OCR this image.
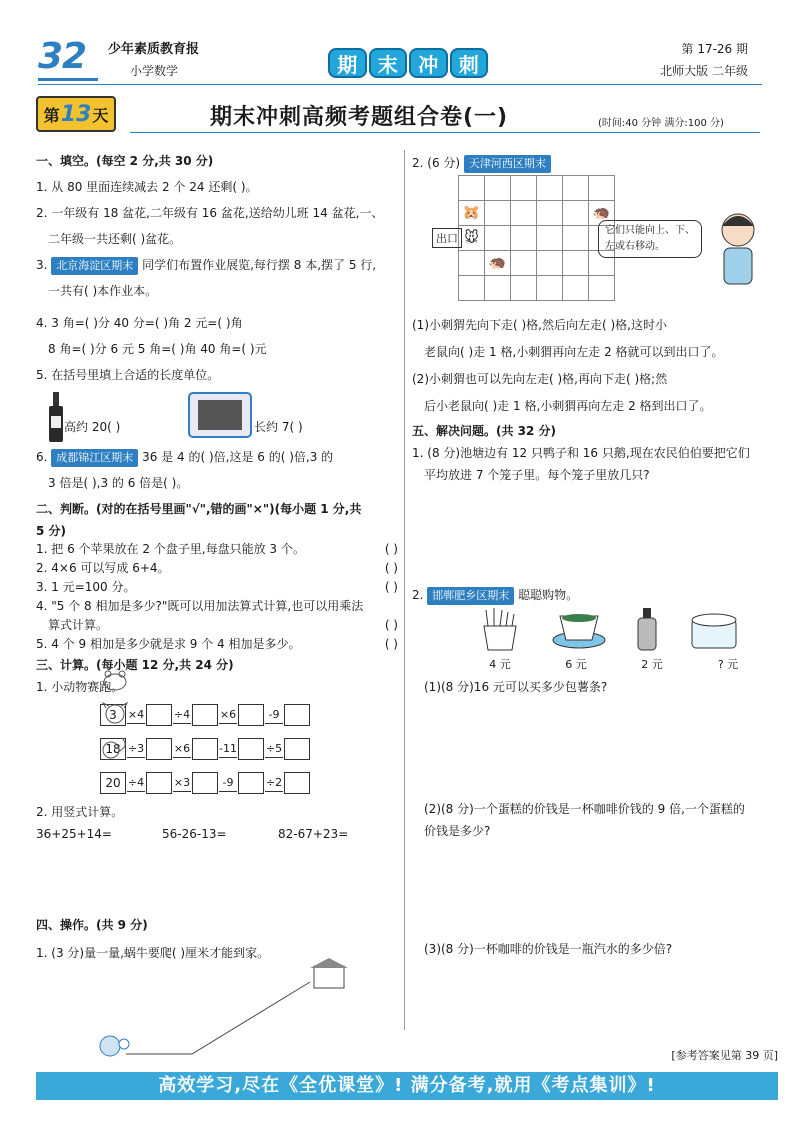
32 少年素质教育报
小学数学	期	末	冲	刺
第 17-26 期
北师大版 二年级
第 13 天	期末冲刺高频考题组合卷(一)	(时间:40 分钟 满分:100 分)
一、填空。(每空 2 分,共 30 分)
1. 从 80 里面连续减去 2 个 24 还剩( )。
2. 一年级有 18 盆花,二年级有 16 盆花,送给幼儿班 14 盆花,一、
二年级一共还剩( )盆花。
3. 北京海淀区期末 同学们布置作业展览,每行摆 8 本,摆了 5 行,
一共有( )本作业本。
4. 3 角=( )分 40 分=( )角 2 元=( )角
8 角=( )分 6 元 5 角=( )角 40 角=( )元
5. 在括号里填上合适的长度单位。
高约 20( )	长约 7( )
6. 成都锦江区期末 36 是 4 的( )倍,这是 6 的( )倍,3 的
3 倍是( ),3 的 6 倍是( )。
二、判断。(对的在括号里画"√",错的画"×")(每小题 1 分,共
5 分)
1. 把 6 个苹果放在 2 个盘子里,每盘只能放 3 个。	( )
2. 4×6 可以写成 6+4。	( )
3. 1 元=100 分。	( )
4. "5 个 8 相加是多少?"既可以用加法算式计算,也可以用乘法
算式计算。	( )
5. 4 个 9 相加是多少就是求 9 个 4 相加是多少。	( )
三、计算。(每小题 12 分,共 24 分)
1. 小动物赛跑。
3	×4	÷4	×6	-9
18 ÷3	×6	-11	÷5
20 ÷4	×3	-9	÷2
2. 用竖式计算。
36+25+14=	56-26-13=	82-67+23=
四、操作。(共 9 分)
1. (3 分)量一量,蜗牛要爬( )厘米才能到家。
2. (6 分) 天津河西区期末

🐹					🦔
🐭					
	🦔				

出口
它们只能向上、下、左或右移动。
(1)小刺猬先向下走( )格,然后向左走( )格,这时小
老鼠向( )走 1 格,小刺猬再向左走 2 格就可以到出口了。
(2)小刺猬也可以先向左走( )格,再向下走( )格;然
后小老鼠向( )走 1 格,小刺猬再向左走 2 格到出口了。
五、解决问题。(共 32 分)
1. (8 分)池塘边有 12 只鸭子和 16 只鹅,现在农民伯伯要把它们
平均放进 7 个笼子里。每个笼子里放几只?
2. 邯郸肥乡区期末 聪聪购物。
4 元	6 元	2 元	? 元
(1)(8 分)16 元可以买多少包薯条?
(2)(8 分)一个蛋糕的价钱是一杯咖啡价钱的 9 倍,一个蛋糕的
价钱是多少?
(3)(8 分)一杯咖啡的价钱是一瓶汽水的多少倍?
[参考答案见第 39 页]
高效学习,尽在《全优课堂》! 满分备考,就用《考点集训》!
